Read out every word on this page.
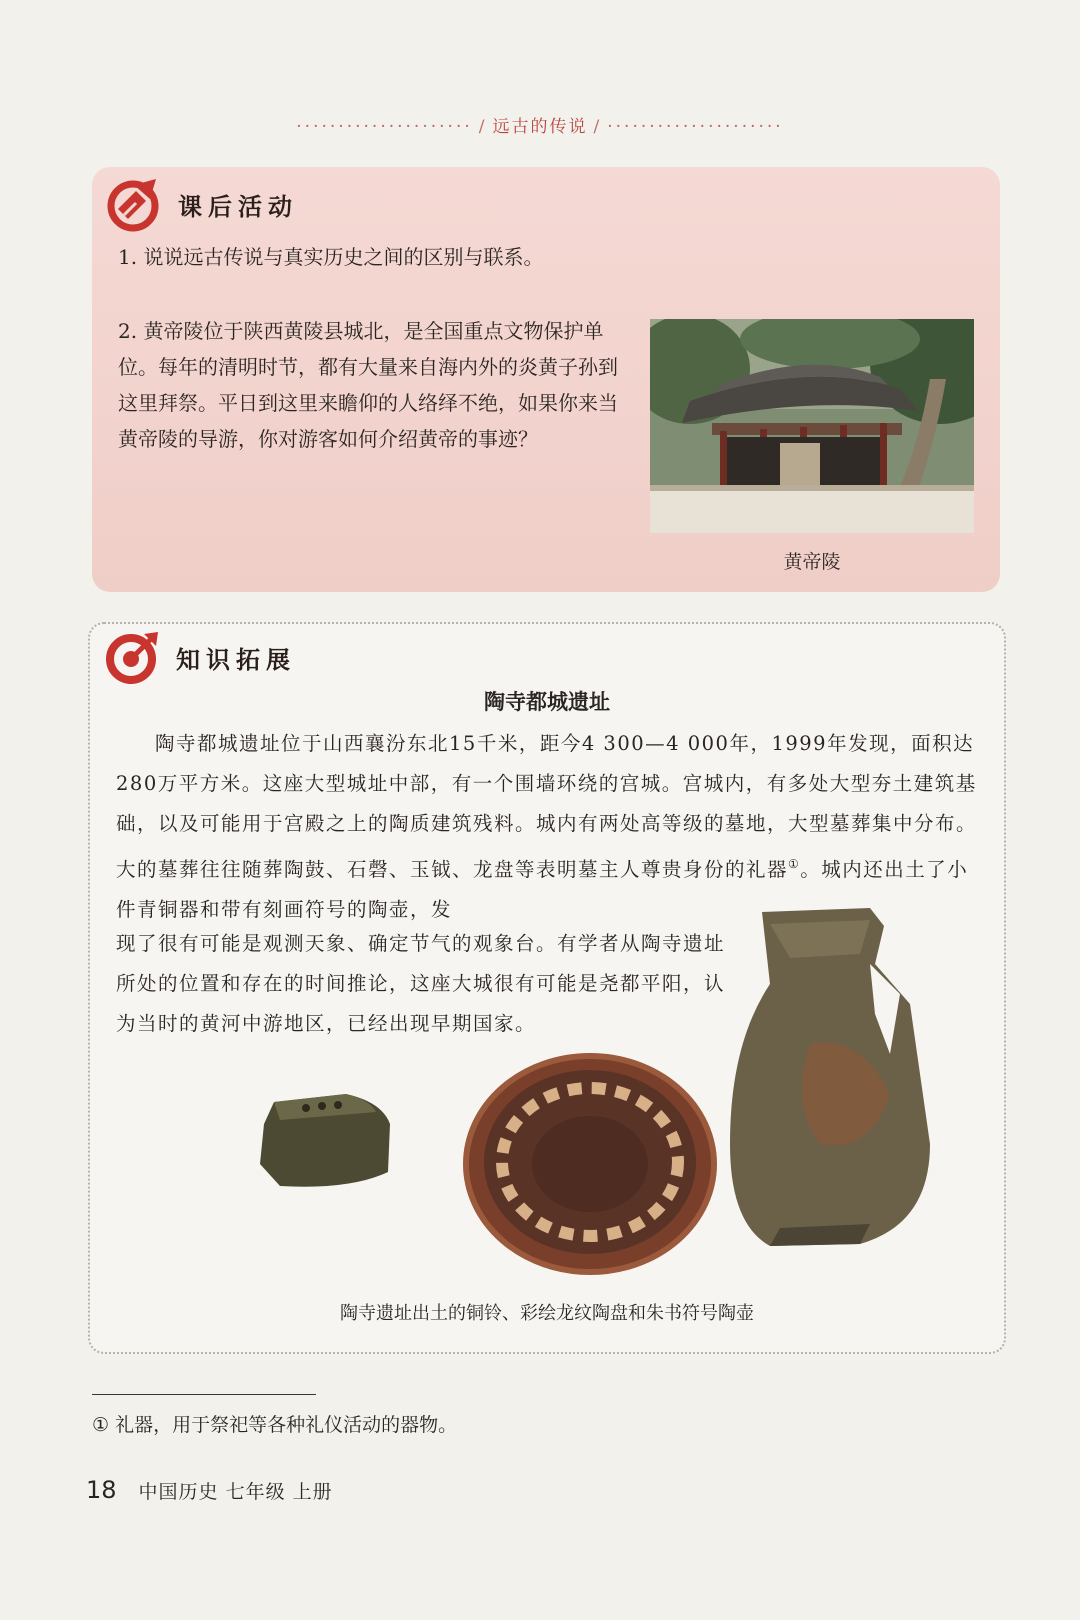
····················· / 远古的传说 / ·····················
课后活动
1. 说说远古传说与真实历史之间的区别与联系。
2. 黄帝陵位于陕西黄陵县城北，是全国重点文物保护单位。每年的清明时节，都有大量来自海内外的炎黄子孙到这里拜祭。平日到这里来瞻仰的人络绎不绝，如果你来当黄帝陵的导游，你对游客如何介绍黄帝的事迹？
黄帝陵
知识拓展
陶寺都城遗址
陶寺都城遗址位于山西襄汾东北15千米，距今4 300—4 000年，1999年发现，面积达280万平方米。这座大型城址中部，有一个围墙环绕的宫城。宫城内，有多处大型夯土建筑基础，以及可能用于宫殿之上的陶质建筑残料。城内有两处高等级的墓地，大型墓葬集中分布。大的墓葬往往随葬陶鼓、石磬、玉钺、龙盘等表明墓主人尊贵身份的礼器①。城内还出土了小件青铜器和带有刻画符号的陶壶，发
现了很有可能是观测天象、确定节气的观象台。有学者从陶寺遗址所处的位置和存在的时间推论，这座大城很有可能是尧都平阳，认为当时的黄河中游地区，已经出现早期国家。
陶寺遗址出土的铜铃、彩绘龙纹陶盘和朱书符号陶壶
① 礼器，用于祭祀等各种礼仪活动的器物。
18 中国历史 七年级 上册
